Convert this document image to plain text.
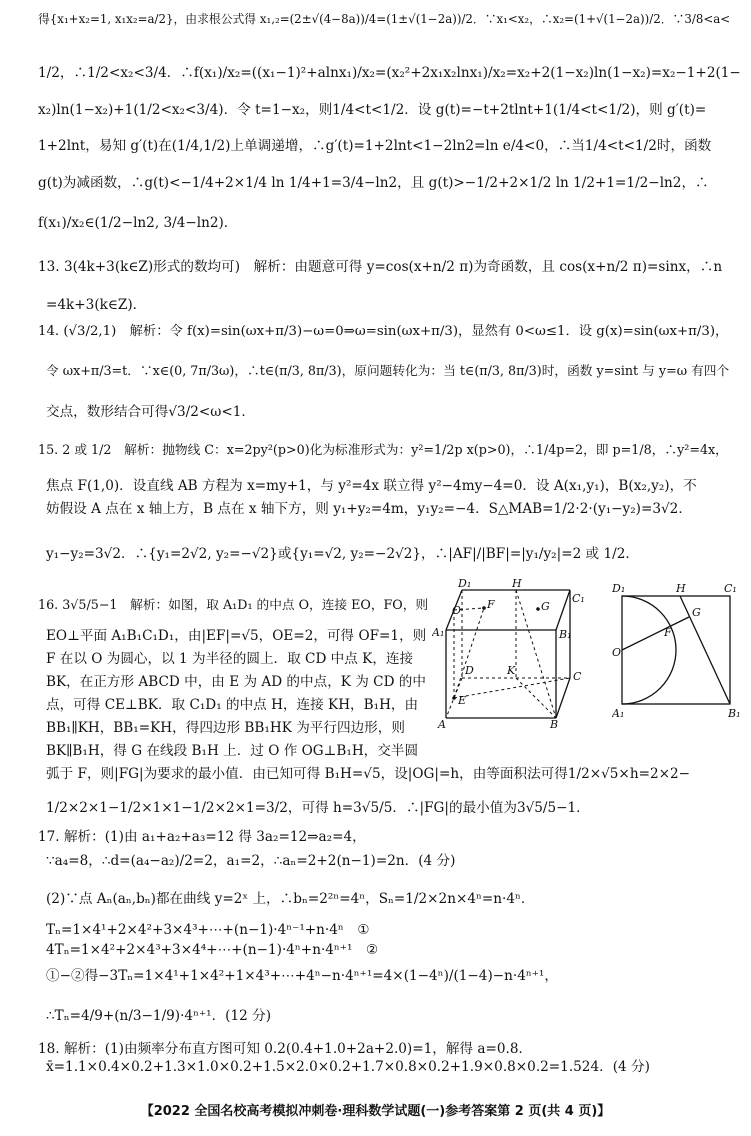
得{x₁+x₂=1, x₁x₂=a/2}，由求根公式得 x₁,₂=(2±√(4−8a))/4=(1±√(1−2a))/2．∵x₁<x₂，∴x₂=(1+√(1−2a))/2．∵3/8<a<
1/2，∴1/2<x₂<3/4．∴f(x₁)/x₂=((x₁−1)²+alnx₁)/x₂=(x₂²+2x₁x₂lnx₁)/x₂=x₂+2(1−x₂)ln(1−x₂)=x₂−1+2(1−
x₂)ln(1−x₂)+1(1/2<x₂<3/4)．令 t=1−x₂，则1/4<t<1/2．设 g(t)=−t+2tlnt+1(1/4<t<1/2)，则 g′(t)=
1+2lnt，易知 g′(t)在(1/4,1/2)上单调递增，∴g′(t)=1+2lnt<1−2ln2=ln e/4<0，∴当1/4<t<1/2时，函数
g(t)为减函数，∴g(t)<−1/4+2×1/4 ln 1/4+1=3/4−ln2，且 g(t)>−1/2+2×1/2 ln 1/2+1=1/2−ln2，∴
f(x₁)/x₂∈(1/2−ln2, 3/4−ln2)．
13. 3(4k+3(k∈Z)形式的数均可)　解析：由题意可得 y=cos(x+n/2 π)为奇函数，且 cos(x+n/2 π)=sinx，∴n
=4k+3(k∈Z)．
14. (√3/2,1)　解析：令 f(x)=sin(ωx+π/3)−ω=0⇒ω=sin(ωx+π/3)，显然有 0<ω≤1．设 g(x)=sin(ωx+π/3)，
令 ωx+π/3=t．∵x∈(0, 7π/3ω)，∴t∈(π/3, 8π/3)，原问题转化为：当 t∈(π/3, 8π/3)时，函数 y=sint 与 y=ω 有四个
交点，数形结合可得√3/2<ω<1．
15. 2 或 1/2　解析：抛物线 C：x=2py²(p>0)化为标准形式为：y²=1/2p x(p>0)，∴1/4p=2，即 p=1/8，∴y²=4x，
焦点 F(1,0)．设直线 AB 方程为 x=my+1，与 y²=4x 联立得 y²−4my−4=0．设 A(x₁,y₁)，B(x₂,y₂)，不
妨假设 A 点在 x 轴上方，B 点在 x 轴下方，则 y₁+y₂=4m，y₁y₂=−4．S△MAB=1/2·2·(y₁−y₂)=3√2．
y₁−y₂=3√2．∴{y₁=2√2, y₂=−√2}或{y₁=√2, y₂=−2√2}，∴|AF|/|BF|=|y₁/y₂|=2 或 1/2．
16. 3√5/5−1　解析：如图，取 A₁D₁ 的中点 O，连接 EO，FO，则
EO⊥平面 A₁B₁C₁D₁，由|EF|=√5，OE=2，可得 OF=1，则
F 在以 O 为圆心，以 1 为半径的圆上．取 CD 中点 K，连接
BK，在正方形 ABCD 中，由 E 为 AD 的中点，K 为 CD 的中
点，可得 CE⊥BK．取 C₁D₁ 的中点 H，连接 KH，B₁H，由
BB₁∥KH，BB₁=KH，得四边形 BB₁HK 为平行四边形，则
BK∥B₁H，得 G 在线段 B₁H 上．过 O 作 OG⊥B₁H，交半圆
弧于 F，则|FG|为要求的最小值．由已知可得 B₁H=√5，设|OG|=h，由等面积法可得1/2×√5×h=2×2−
1/2×2×1−1/2×1×1−1/2×2×1=3/2，可得 h=3√5/5．∴|FG|的最小值为3√5/5−1．
17. 解析：(1)由 a₁+a₂+a₃=12 得 3a₂=12⇒a₂=4，
∵a₄=8，∴d=(a₄−a₂)/2=2，a₁=2，∴aₙ=2+2(n−1)=2n．(4 分)
(2)∵点 Aₙ(aₙ,bₙ)都在曲线 y=2ˣ 上，∴bₙ=2²ⁿ=4ⁿ，Sₙ=1/2×2n×4ⁿ=n·4ⁿ．
Tₙ=1×4¹+2×4²+3×4³+⋯+(n−1)·4ⁿ⁻¹+n·4ⁿ　①
4Tₙ=1×4²+2×4³+3×4⁴+⋯+(n−1)·4ⁿ+n·4ⁿ⁺¹　②
①−②得−3Tₙ=1×4¹+1×4²+1×4³+⋯+4ⁿ−n·4ⁿ⁺¹=4×(1−4ⁿ)/(1−4)−n·4ⁿ⁺¹，
∴Tₙ=4/9+(n/3−1/9)·4ⁿ⁺¹．(12 分)
18. 解析：(1)由频率分布直方图可知 0.2(0.4+1.0+2a+2.0)=1，解得 a=0.8．
x̄=1.1×0.4×0.2+1.3×1.0×0.2+1.5×2.0×0.2+1.7×0.8×0.2+1.9×0.8×0.2=1.524．(4 分)
D₁	H
C₁
O F	G
A₁	B₁
D	K	C
E
A	B
D₁	H	C₁
G
F
O
A₁	B₁
【2022 全国名校高考模拟冲刺卷·理科数学试题(一)参考答案第 2 页(共 4 页)】
